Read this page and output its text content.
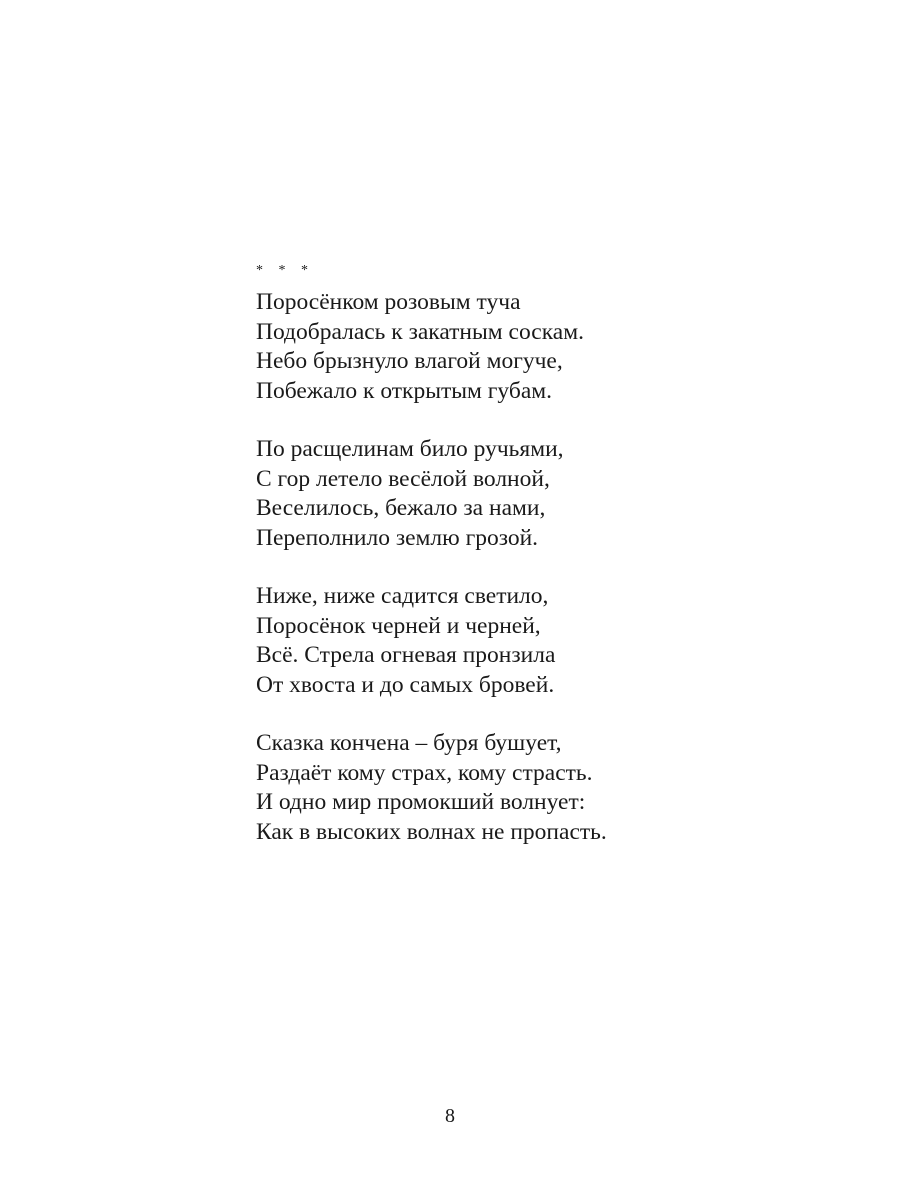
* * *
Поросёнком розовым туча
Подобралась к закатным соскам.
Небо брызнуло влагой могуче,
Побежало к открытым губам.
По расщелинам било ручьями,
С гор летело весёлой волной,
Веселилось, бежало за нами,
Переполнило землю грозой.
Ниже, ниже садится светило,
Поросёнок черней и черней,
Всё. Стрела огневая пронзила
От хвоста и до самых бровей.
Сказка кончена – буря бушует,
Раздаёт кому страх, кому страсть.
И одно мир промокший волнует:
Как в высоких волнах не пропасть.
8
